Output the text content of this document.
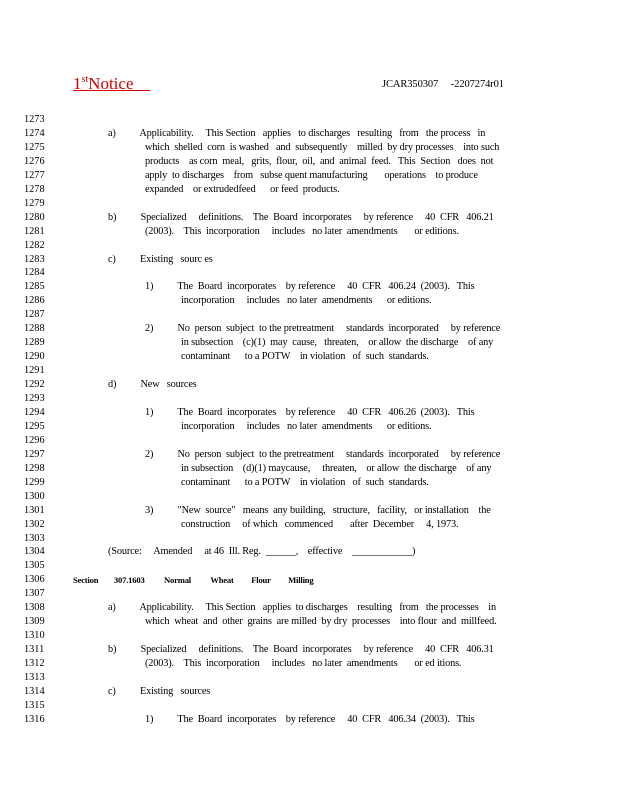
1stNotice 	JCAR350307     -2207274r01
1273
1274	a)          Applicability.     This Section   applies   to discharges   resulting   from   the process   in
1275	which  shelled  corn  is washed   and  subsequently    milled  by dry processes    into such
1276	products    as corn  meal,   grits,  flour,  oil,  and  animal  feed.   This  Section   does  not
1277	apply  to discharges    from   subse quent manufacturing       operations    to produce
1278	expanded    or extrudedfeed      or feed  products.
1279
1280	b)          Specialized     definitions.    The  Board  incorporates     by reference     40  CFR   406.21
1281	(2003).    This  incorporation     includes   no later  amendments       or editions.
1282
1283	c)          Existing   sourc es
1284
1285	1)          The  Board  incorporates    by reference     40  CFR   406.24  (2003).   This
1286	incorporation     includes   no later  amendments      or editions.
1287
1288	2)          No  person  subject  to the pretreatment     standards  incorporated     by reference
1289	in subsection    (c)(1)  may  cause,   threaten,    or allow  the discharge    of any
1290	contaminant      to a POTW    in violation   of  such  standards.
1291
1292	d)          New   sources
1293
1294	1)          The  Board  incorporates    by reference     40  CFR   406.26  (2003).   This
1295	incorporation     includes   no later  amendments      or editions.
1296
1297	2)          No  person  subject  to the pretreatment     standards  incorporated     by reference
1298	in subsection    (d)(1) maycause,     threaten,    or allow  the discharge    of any
1299	contaminant      to a POTW    in violation   of  such  standards.
1300
1301	3)          "New  source"   means  any building,   structure,   facility,   or installation    the
1302	construction     of which   commenced       after  December     4, 1973.
1303
1304	(Source:     Amended     at 46  Ill. Reg.  ______,    effective    ____________)
1305
1306	Section        307.1603          Normal          Wheat         Flour         Milling
1307
1308	a)          Applicability.     This Section   applies  to discharges    resulting   from   the processes    in
1309	which  wheat  and  other  grains  are milled  by dry  processes    into flour  and  millfeed.
1310
1311	b)          Specialized     definitions.    The  Board  incorporates     by reference     40  CFR   406.31
1312	(2003).    This  incorporation     includes   no later  amendments       or ed itions.
1313
1314	c)          Existing   sources
1315
1316	1)          The  Board  incorporates    by reference     40  CFR   406.34  (2003).   This
